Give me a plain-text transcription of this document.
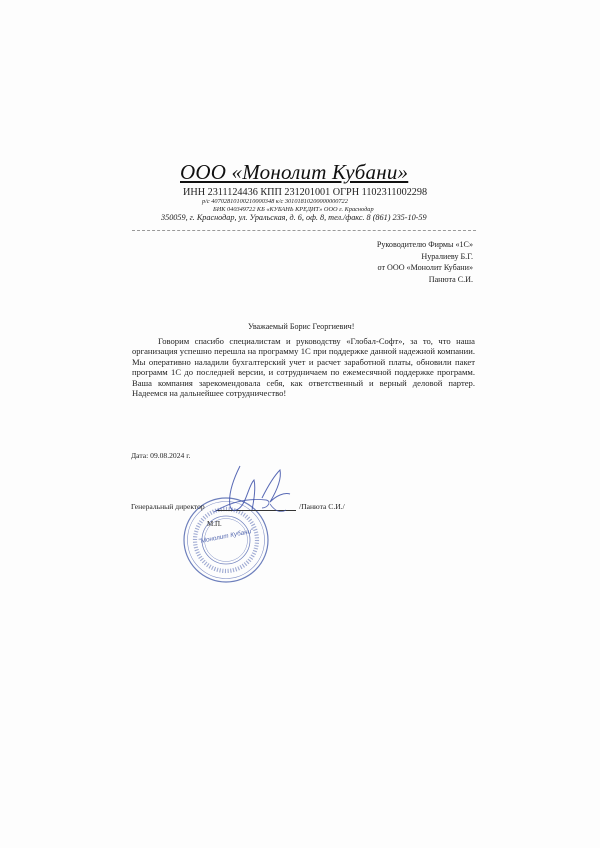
ООО «Монолит Кубани»
ИНН 2311124436 КПП 231201001 ОГРН 1102311002298
р/с 40702810100210000348 к/с 30101810200000000722
БИК 040349722 КБ «КУБАНЬ КРЕДИТ» ООО г. Краснодар
350059, г. Краснодар, ул. Уральская, д. 6, оф. 8, тел./факс. 8 (861) 235-10-59
Руководителю Фирмы «1С»
Нуралиеву Б.Г.
от ООО «Монолит Кубани»
Панюта С.И.
Уважаемый Борис Георгиевич!
Говорим спасибо специалистам и руководству «Глобал-Софт», за то, что наша организация успешно перешла на программу 1С при поддержке данной надежной компании. Мы оперативно наладили бухгалтерский учет и расчет заработной платы, обновили пакет программ 1С до последней версии, и сотрудничаем по ежемесячной поддержке программ. Ваша компания зарекомендовала себя, как ответственный и верный деловой партер. Надеемся на дальнейшее сотрудничество!
Дата: 09.08.2024 г.
"Монолит Кубани"
Генеральный директор	/Панюта С.И./
М.П.
